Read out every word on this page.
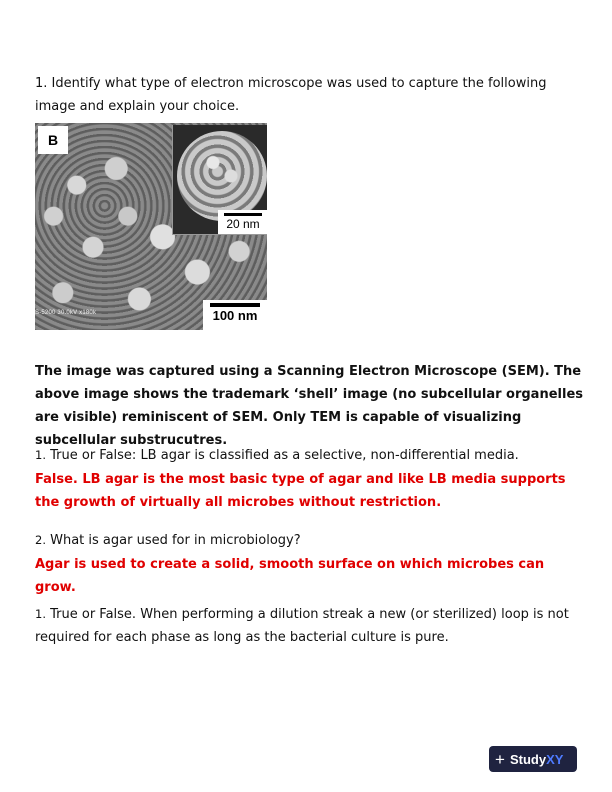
1. Identify what type of electron microscope was used to capture the following image and explain your choice.

B
20 nm
S-5200 30.0kV x180k	100 nm

The image was captured using a Scanning Electron Microscope (SEM). The above image shows the trademark ‘shell’ image (no subcellular organelles are visible) reminiscent of SEM. Only TEM is capable of visualizing subcellular substrucutres.

1. True or False: LB agar is classified as a selective, non-differential media.

False. LB agar is the most basic type of agar and like LB media supports the growth of virtually all microbes without restriction.

2. What is agar used for in microbiology?

Agar is used to create a solid, smooth surface on which microbes can grow.

1. True or False. When performing a dilution streak a new (or sterilized) loop is not required for each phase as long as the bacterial culture is pure.

+ Study XY
